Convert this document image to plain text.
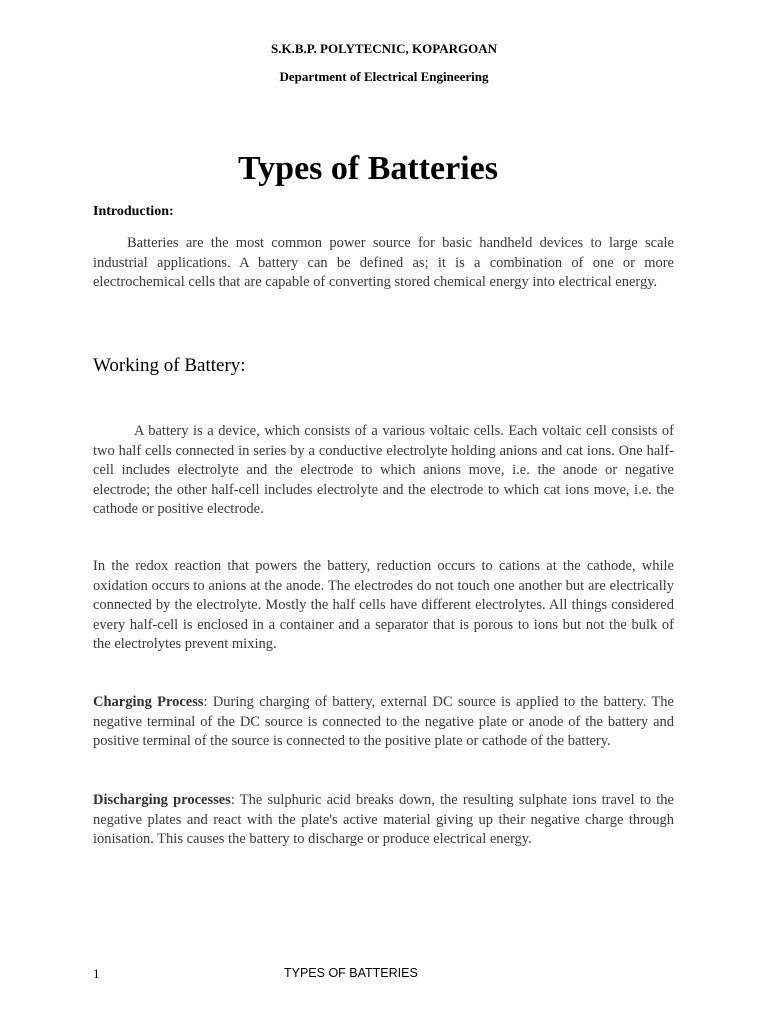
S.K.B.P. POLYTECNIC, KOPARGOAN
Department of Electrical Engineering
Types of Batteries
Introduction:

Batteries are the most common power source for basic handheld devices to large scale industrial applications. A battery can be defined as; it is a combination of one or more electrochemical cells that are capable of converting stored chemical energy into electrical energy.

Working of Battery:

A battery is a device, which consists of a various voltaic cells. Each voltaic cell consists of two half cells connected in series by a conductive electrolyte holding anions and cat ions. One half-cell includes electrolyte and the electrode to which anions move, i.e. the anode or negative electrode; the other half-cell includes electrolyte and the electrode to which cat ions move, i.e. the cathode or positive electrode.

In the redox reaction that powers the battery, reduction occurs to cations at the cathode, while oxidation occurs to anions at the anode. The electrodes do not touch one another but are electrically connected by the electrolyte. Mostly the half cells have different electrolytes. All things considered every half-cell is enclosed in a container and a separator that is porous to ions but not the bulk of the electrolytes prevent mixing.

Charging Process: During charging of battery, external DC source is applied to the battery. The negative terminal of the DC source is connected to the negative plate or anode of the battery and positive terminal of the source is connected to the positive plate or cathode of the battery.

Discharging processes: The sulphuric acid breaks down, the resulting sulphate ions travel to the negative plates and react with the plate's active material giving up their negative charge through ionisation. This causes the battery to discharge or produce electrical energy.

1	TYPES OF BATTERIES
